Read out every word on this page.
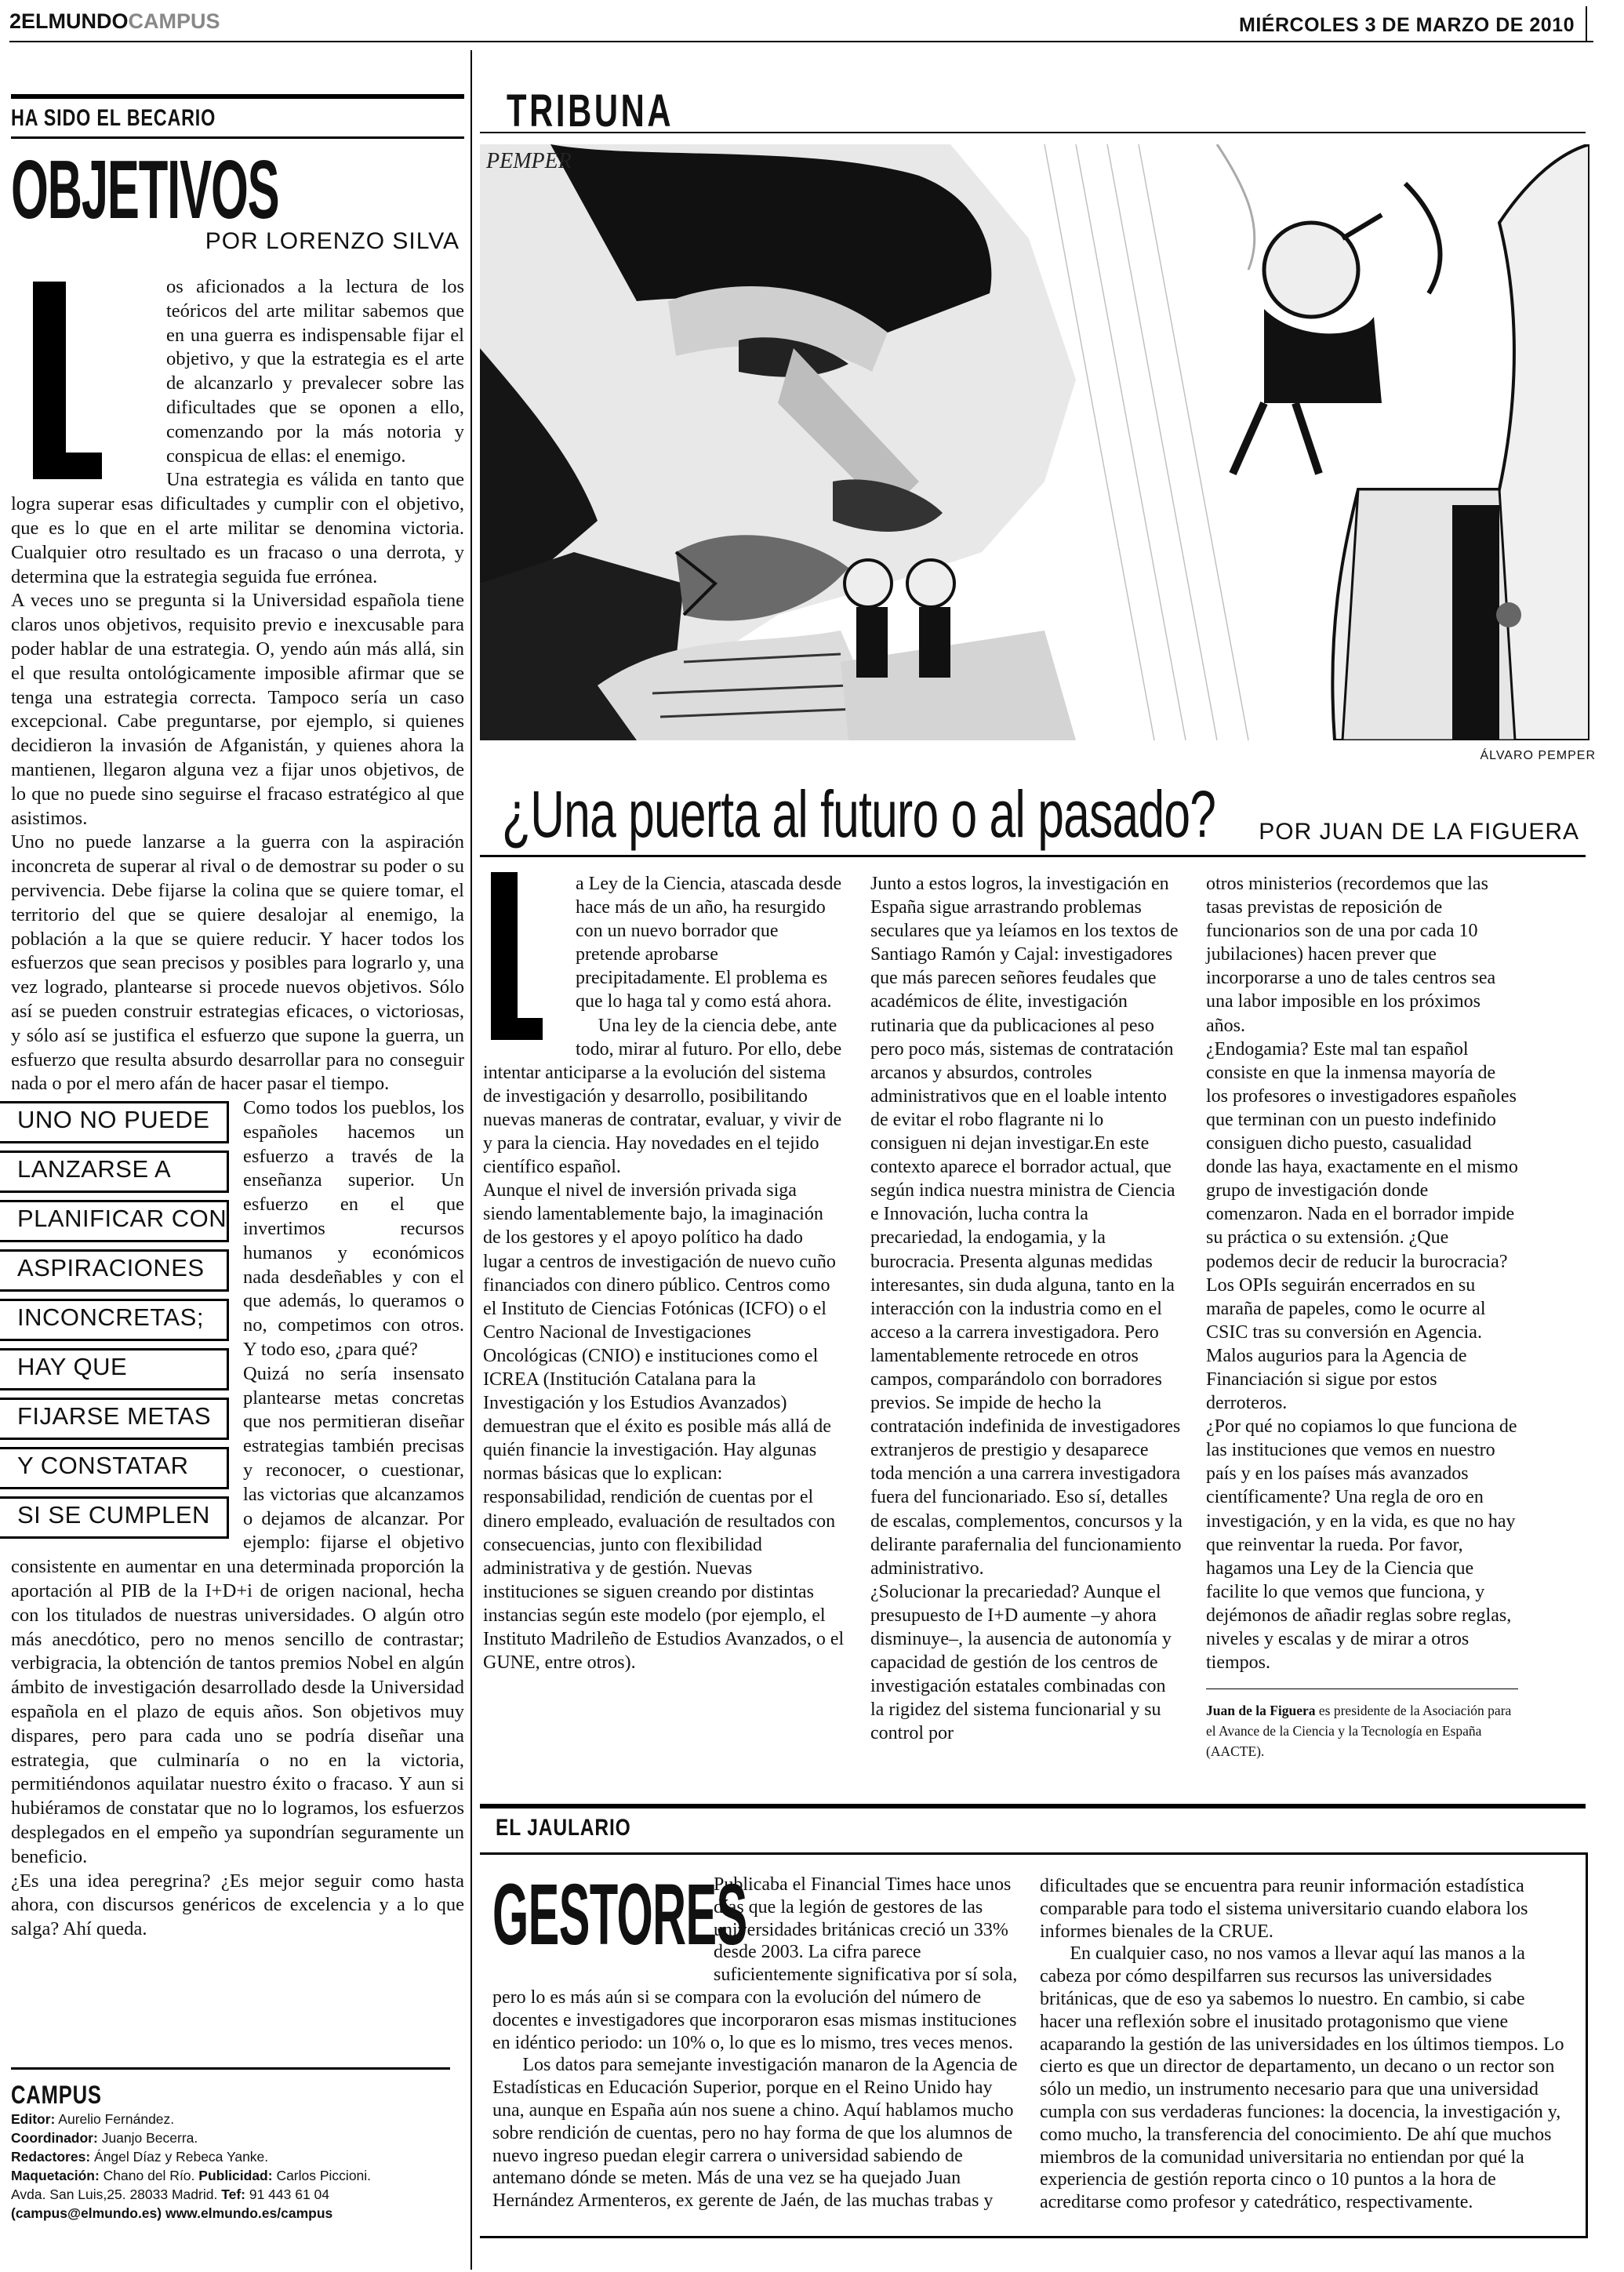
2ELMUNDOCAMPUS	MIÉRCOLES 3 DE MARZO DE 2010
HA SIDO EL BECARIO
OBJETIVOS
POR LORENZO SILVA

os aficionados a la lectura de los teóricos del arte militar sabemos que en una guerra es indispensable fijar el objetivo, y que la estrategia es el arte de alcanzarlo y prevalecer sobre las dificultades que se oponen a ello, comenzando por la más notoria y conspicua de ellas: el enemigo.

Una estrategia es válida en tanto que logra superar esas dificultades y cumplir con el objetivo, que es lo que en el arte militar se denomina victoria. Cualquier otro resultado es un fracaso o una derrota, y determina que la estrategia seguida fue errónea.

A veces uno se pregunta si la Universidad española tiene claros unos objetivos, requisito previo e inexcusable para poder hablar de una estrategia. O, yendo aún más allá, sin el que resulta ontológicamente imposible afirmar que se tenga una estrategia correcta. Tampoco sería un caso excepcional. Cabe preguntarse, por ejemplo, si quienes decidieron la invasión de Afganistán, y quienes ahora la mantienen, llegaron alguna vez a fijar unos objetivos, de lo que no puede sino seguirse el fracaso estratégico al que asistimos.

Uno no puede lanzarse a la guerra con la aspiración inconcreta de superar al rival o de demostrar su poder o su pervivencia. Debe fijarse la colina que se quiere tomar, el territorio del que se quiere desalojar al enemigo, la población a la que se quiere reducir. Y hacer todos los esfuerzos que sean precisos y posibles para lograrlo y, una vez logrado, plantearse si procede nuevos objetivos. Sólo así se pueden construir estrategias eficaces, o victoriosas, y sólo así se justifica el esfuerzo que supone la guerra, un esfuerzo que resulta absurdo desarrollar para no conseguir nada o por el mero afán de hacer pasar el tiempo.

UNO NO PUEDE
LANZARSE A
PLANIFICAR CON
ASPIRACIONES
INCONCRETAS;
HAY QUE
FIJARSE METAS
Y CONSTATAR
SI SE CUMPLEN

Como todos los pueblos, los españoles hacemos un esfuerzo a través de la enseñanza superior. Un esfuerzo en el que invertimos recursos humanos y económicos nada desdeñables y con el que además, lo queramos o no, competimos con otros. Y todo eso, ¿para qué?

Quizá no sería insensato plantearse metas concretas que nos permitieran diseñar estrategias también precisas y reconocer, o cuestionar, las victorias que alcanzamos o dejamos de alcanzar. Por ejemplo: fijarse el objetivo consistente en aumentar en una determinada proporción la aportación al PIB de la I+D+i de origen nacional, hecha con los titulados de nuestras universidades. O algún otro más anecdótico, pero no menos sencillo de contrastar; verbigracia, la obtención de tantos premios Nobel en algún ámbito de investigación desarrollado desde la Universidad española en el plazo de equis años. Son objetivos muy dispares, pero para cada uno se podría diseñar una estrategia, que culminaría o no en la victoria, permitiéndonos aquilatar nuestro éxito o fracaso. Y aun si hubiéramos de constatar que no lo logramos, los esfuerzos desplegados en el empeño ya supondrían seguramente un beneficio.

¿Es una idea peregrina? ¿Es mejor seguir como hasta ahora, con discursos genéricos de excelencia y a lo que salga? Ahí queda.

CAMPUS
Editor: Aurelio Fernández.
Coordinador: Juanjo Becerra.
Redactores: Ángel Díaz y Rebeca Yanke.
Maquetación: Chano del Río. Publicidad: Carlos Piccioni.
Avda. San Luis,25. 28033 Madrid. Tef: 91 443 61 04
(campus@elmundo.es) www.elmundo.es/campus
TRIBUNA
PEMPER
ÁLVARO PEMPER
¿Una puerta al futuro o al pasado? POR JUAN DE LA FIGUERA

a Ley de la Ciencia, atascada desde hace más de un año, ha resurgido con un nuevo borrador que pretende aprobarse precipitadamente. El problema es que lo haga tal y como está ahora.

Una ley de la ciencia debe, ante todo, mirar al futuro. Por ello, debe intentar anticiparse a la evolución del sistema de investigación y desarrollo, posibilitando nuevas maneras de contratar, evaluar, y vivir de y para la ciencia. Hay novedades en el tejido científico español.

Aunque el nivel de inversión privada siga siendo lamentablemente bajo, la imaginación de los gestores y el apoyo político ha dado lugar a centros de investigación de nuevo cuño financiados con dinero público. Centros como el Instituto de Ciencias Fotónicas (ICFO) o el Centro Nacional de Investigaciones Oncológicas (CNIO) e instituciones como el ICREA (Institución Catalana para la Investigación y los Estudios Avanzados) demuestran que el éxito es posible más allá de quién financie la investigación. Hay algunas normas básicas que lo explican: responsabilidad, rendición de cuentas por el dinero empleado, evaluación de resultados con consecuencias, junto con flexibilidad administrativa y de gestión. Nuevas instituciones se siguen creando por distintas instancias según este modelo (por ejemplo, el Instituto Madrileño de Estudios Avanzados, o el GUNE, entre otros).

Junto a estos logros, la investigación en España sigue arrastrando problemas seculares que ya leíamos en los textos de Santiago Ramón y Cajal: investigadores que más parecen señores feudales que académicos de élite, investigación rutinaria que da publicaciones al peso pero poco más, sistemas de contratación arcanos y absurdos, controles administrativos que en el loable intento de evitar el robo flagrante ni lo consiguen ni dejan investigar.En este contexto aparece el borrador actual, que según indica nuestra ministra de Ciencia e Innovación, lucha contra la precariedad, la endogamia, y la burocracia. Presenta algunas medidas interesantes, sin duda alguna, tanto en la interacción con la industria como en el acceso a la carrera investigadora. Pero lamentablemente retrocede en otros campos, comparándolo con borradores previos. Se impide de hecho la contratación indefinida de investigadores extranjeros de prestigio y desaparece toda mención a una carrera investigadora fuera del funcionariado. Eso sí, detalles de escalas, complementos, concursos y la delirante parafernalia del funcionamiento administrativo.

¿Solucionar la precariedad? Aunque el presupuesto de I+D aumente –y ahora disminuye–, la ausencia de autonomía y capacidad de gestión de los centros de investigación estatales combinadas con la rigidez del sistema funcionarial y su control por

otros ministerios (recordemos que las tasas previstas de reposición de funcionarios son de una por cada 10 jubilaciones) hacen prever que incorporarse a uno de tales centros sea una labor imposible en los próximos años.

¿Endogamia? Este mal tan español consiste en que la inmensa mayoría de los profesores o investigadores españoles que terminan con un puesto indefinido consiguen dicho puesto, casualidad donde las haya, exactamente en el mismo grupo de investigación donde comenzaron. Nada en el borrador impide su práctica o su extensión. ¿Que podemos decir de reducir la burocracia? Los OPIs seguirán encerrados en su maraña de papeles, como le ocurre al CSIC tras su conversión en Agencia. Malos augurios para la Agencia de Financiación si sigue por estos derroteros.

¿Por qué no copiamos lo que funciona de las instituciones que vemos en nuestro país y en los países más avanzados científicamente? Una regla de oro en investigación, y en la vida, es que no hay que reinventar la rueda. Por favor, hagamos una Ley de la Ciencia que facilite lo que vemos que funciona, y dejémonos de añadir reglas sobre reglas, niveles y escalas y de mirar a otros tiempos.

Juan de la Figuera es presidente de la Asociación para el Avance de la Ciencia y la Tecnología en España (AACTE).
EL JAULARIO
GESTORES

Publicaba el Financial Times hace unos días que la legión de gestores de las universidades británicas creció un 33% desde 2003. La cifra parece suficientemente significativa por sí sola, pero lo es más aún si se compara con la evolución del número de docentes e investigadores que incorporaron esas mismas instituciones en idéntico periodo: un 10% o, lo que es lo mismo, tres veces menos.

Los datos para semejante investigación manaron de la Agencia de Estadísticas en Educación Superior, porque en el Reino Unido hay una, aunque en España aún nos suene a chino. Aquí hablamos mucho sobre rendición de cuentas, pero no hay forma de que los alumnos de nuevo ingreso puedan elegir carrera o universidad sabiendo de antemano dónde se meten. Más de una vez se ha quejado Juan Hernández Armenteros, ex gerente de Jaén, de las muchas trabas y

dificultades que se encuentra para reunir información estadística comparable para todo el sistema universitario cuando elabora los informes bienales de la CRUE.

En cualquier caso, no nos vamos a llevar aquí las manos a la cabeza por cómo despilfarren sus recursos las universidades británicas, que de eso ya sabemos lo nuestro. En cambio, si cabe hacer una reflexión sobre el inusitado protagonismo que viene acaparando la gestión de las universidades en los últimos tiempos. Lo cierto es que un director de departamento, un decano o un rector son sólo un medio, un instrumento necesario para que una universidad cumpla con sus verdaderas funciones: la docencia, la investigación y, como mucho, la transferencia del conocimiento. De ahí que muchos miembros de la comunidad universitaria no entiendan por qué la experiencia de gestión reporta cinco o 10 puntos a la hora de acreditarse como profesor y catedrático, respectivamente.
